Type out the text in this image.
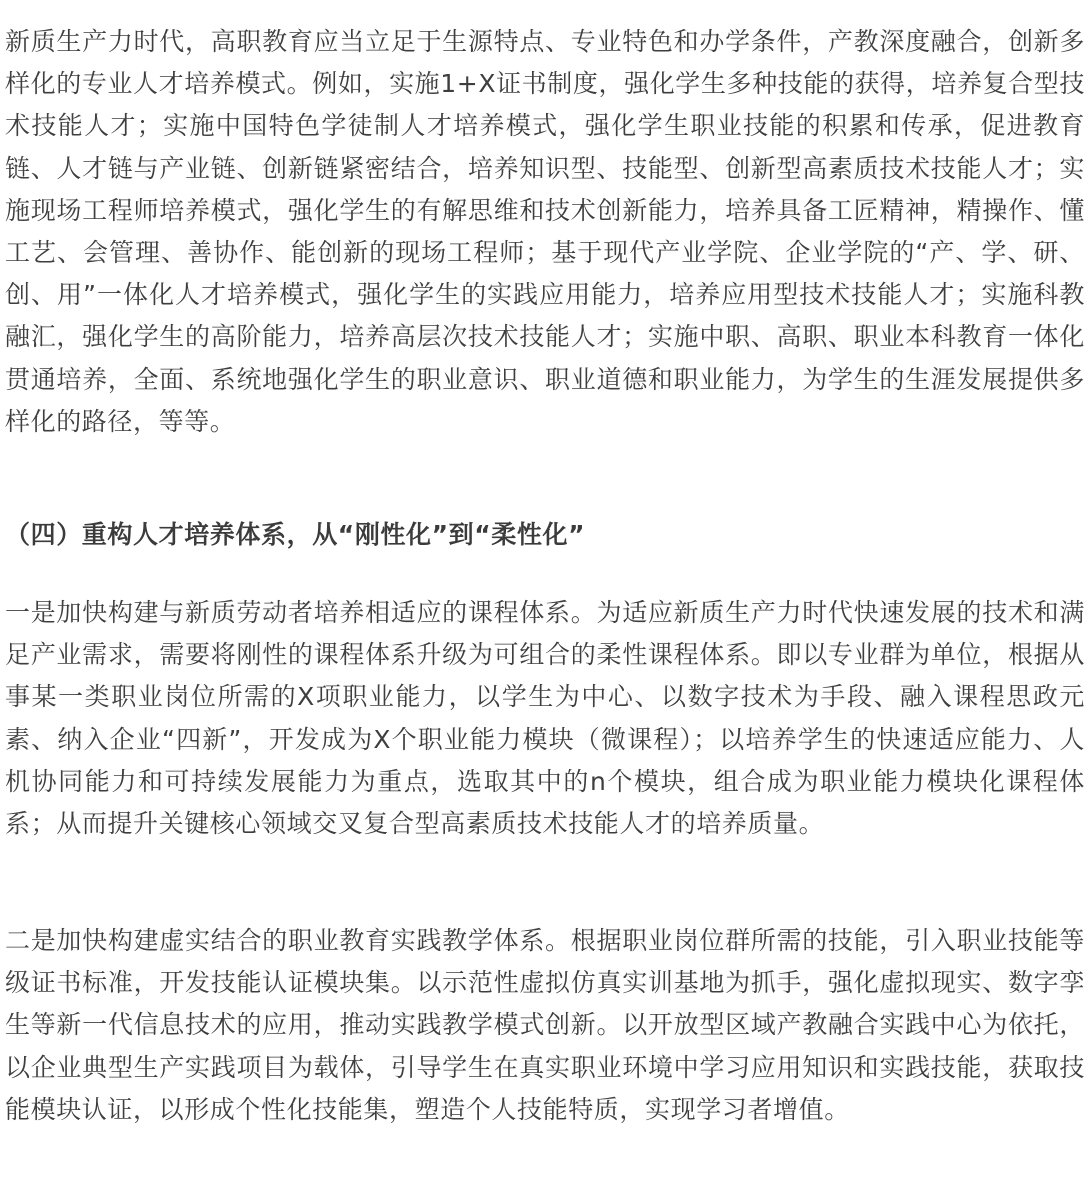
新质生产力时代，高职教育应当立足于生源特点、专业特色和办学条件，产教深度融合，创新多样化的专业人才培养模式。例如，实施1+X证书制度，强化学生多种技能的获得，培养复合型技术技能人才；实施中国特色学徒制人才培养模式，强化学生职业技能的积累和传承，促进教育链、人才链与产业链、创新链紧密结合，培养知识型、技能型、创新型高素质技术技能人才；实施现场工程师培养模式，强化学生的有解思维和技术创新能力，培养具备工匠精神，精操作、懂工艺、会管理、善协作、能创新的现场工程师；基于现代产业学院、企业学院的“产、学、研、创、用”一体化人才培养模式，强化学生的实践应用能力，培养应用型技术技能人才；实施科教融汇，强化学生的高阶能力，培养高层次技术技能人才；实施中职、高职、职业本科教育一体化贯通培养，全面、系统地强化学生的职业意识、职业道德和职业能力，为学生的生涯发展提供多样化的路径，等等。

（四）重构人才培养体系，从“刚性化”到“柔性化”

一是加快构建与新质劳动者培养相适应的课程体系。为适应新质生产力时代快速发展的技术和满足产业需求，需要将刚性的课程体系升级为可组合的柔性课程体系。即以专业群为单位，根据从事某一类职业岗位所需的X项职业能力，以学生为中心、以数字技术为手段、融入课程思政元素、纳入企业“四新”，开发成为X个职业能力模块（微课程）；以培养学生的快速适应能力、人机协同能力和可持续发展能力为重点，选取其中的n个模块，组合成为职业能力模块化课程体系；从而提升关键核心领域交叉复合型高素质技术技能人才的培养质量。

二是加快构建虚实结合的职业教育实践教学体系。根据职业岗位群所需的技能，引入职业技能等级证书标准，开发技能认证模块集。以示范性虚拟仿真实训基地为抓手，强化虚拟现实、数字孪生等新一代信息技术的应用，推动实践教学模式创新。以开放型区域产教融合实践中心为依托，以企业典型生产实践项目为载体，引导学生在真实职业环境中学习应用知识和实践技能，获取技能模块认证，以形成个性化技能集，塑造个人技能特质，实现学习者增值。
